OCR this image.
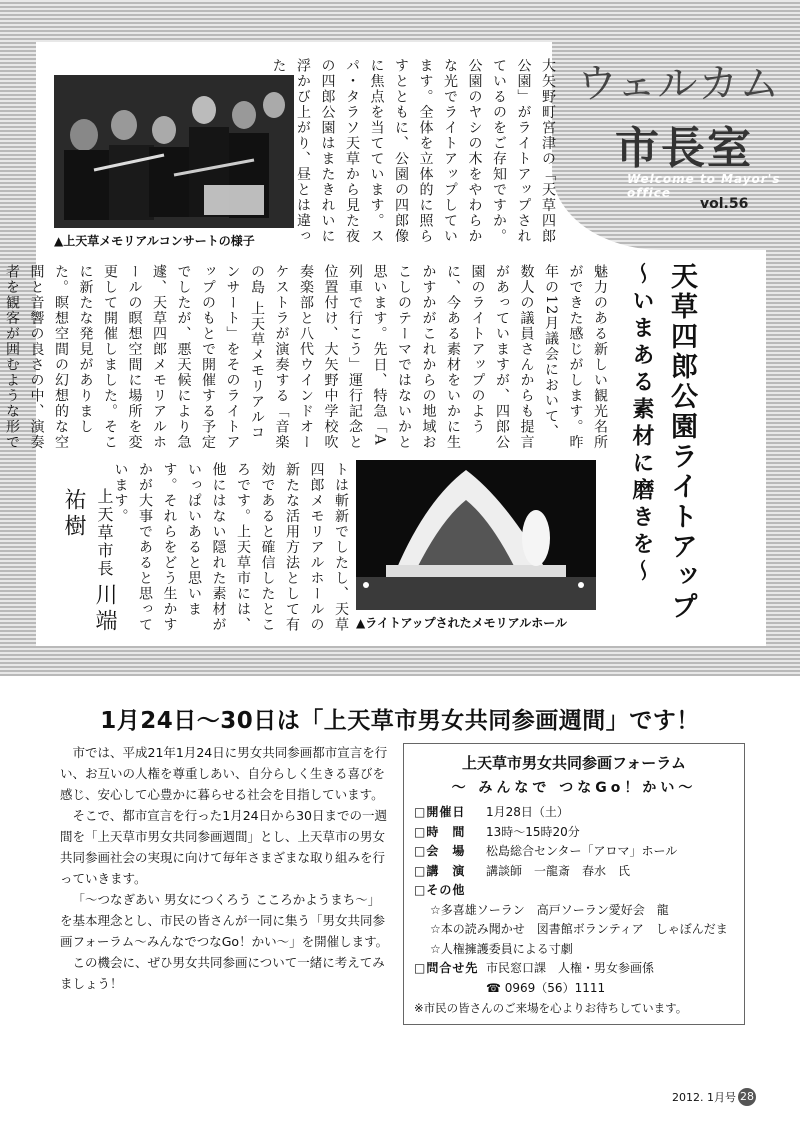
ウェルカム
市長室
Welcome to Mayor's office
vol.56
▲上天草メモリアルコンサートの様子	大矢野町宮津の「天草四郎公園」がライトアップされているのをご存知ですか。公園のヤシの木をやわらかな光でライトアップしています。全体を立体的に照らすとともに、公園の四郎像に焦点を当てています。スパ・タラソ天草から見た夜の四郎公園はまたきれいに浮かび上がり、昼とは違った
魅力のある新しい観光名所ができた感じがします。昨年の12月議会において、数人の議員さんからも提言があっていますが、四郎公園のライトアップのように、今ある素材をいかに生かすかがこれからの地域おこしのテーマではないかと思います。先日、特急「A列車で行こう」運行記念と位置付け、大矢野中学校吹奏楽部と八代ウインドオーケストラが演奏する「音楽の島 上天草メモリアルコンサート」をそのライトアップのもとで開催する予定でしたが、悪天候により急遽、天草四郎メモリアルホールの瞑想空間に場所を変更して開催しました。そこに新たな発見がありました。瞑想空間の幻想的な空間と音響の良さの中、演奏者を観客が囲むような形で
トは斬新でしたし、天草四郎メモリアルホールの新たな活用方法として有効であると確信したところです。上天草市には、他にはない隠れた素材がいっぱいあると思います。それらをどう生かすかが大事であると思っています。	天草四郎公園ライトアップ
～いまある素材に磨きを～
▲ライトアップされたメモリアルホール
上天草市長 川端祐樹
1月24日～30日は「上天草市男女共同参画週間」です！

市では、平成21年1月24日に男女共同参画都市宣言を行い、お互いの人権を尊重しあい、自分らしく生きる喜びを感じ、安心して心豊かに暮らせる社会を目指しています。

そこで、都市宣言を行った1月24日から30日までの一週間を「上天草市男女共同参画週間」とし、上天草市の男女共同参画社会の実現に向けて毎年さまざまな取り組みを行っていきます。

「～つなぎあい 男女につくろう こころかようまち～」を基本理念とし、市民の皆さんが一同に集う「男女共同参画フォーラム～みんなでつなGo！かい～」を開催します。

この機会に、ぜひ男女共同参画について一緒に考えてみましょう！

上天草市男女共同参画フォーラム
～ みんなで つなGo！かい～
□開催日	1月28日（土）
□時　間	13時～15時20分
□会　場	松島総合センター「アロマ」ホール
□講　演	講談師　一龍斎　春水　氏
□その他
☆多喜雄ソーラン　高戸ソーラン愛好会　龍
☆本の読み聞かせ　図書館ボランティア　しゃぼんだま
☆人権擁護委員による寸劇
□問合せ先 市民窓口課　人権・男女参画係
☎ 0969（56）1111
※市民の皆さんのご来場を心よりお待ちしています。
2012. 1月号 28
